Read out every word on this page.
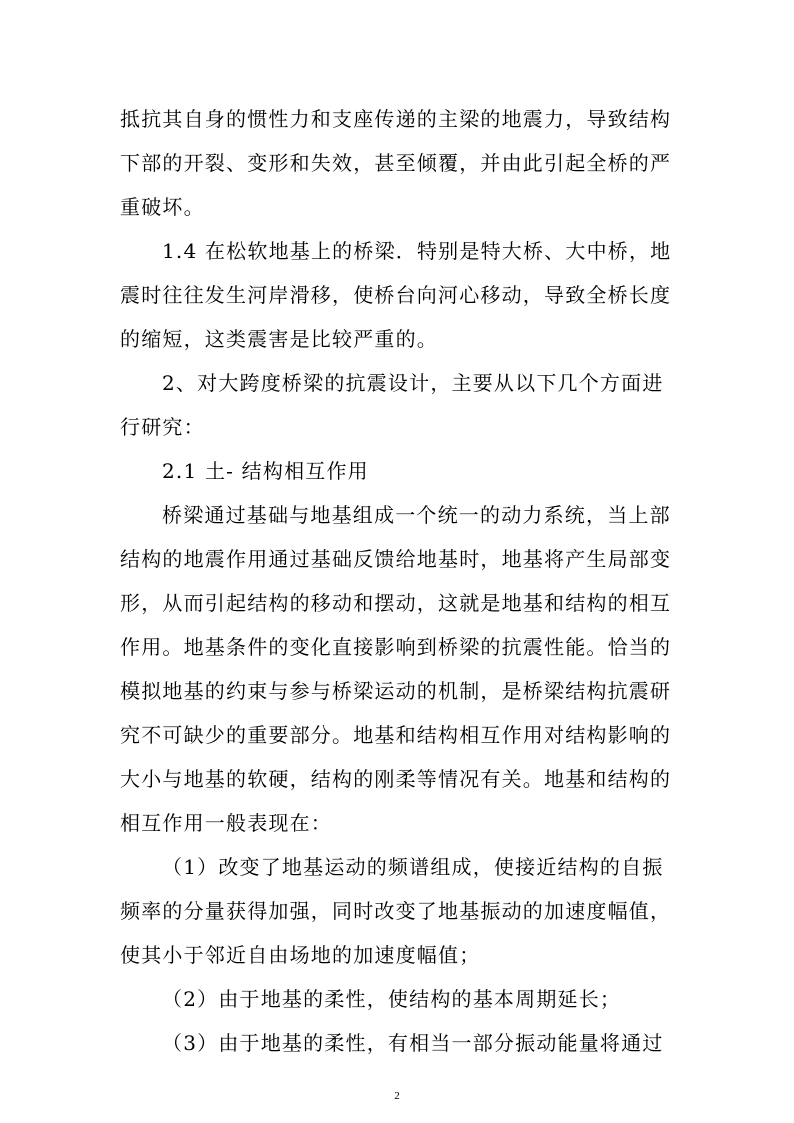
抵抗其自身的惯性力和支座传递的主梁的地震力，导致结构
下部的开裂、变形和失效，甚至倾覆，并由此引起全桥的严
重破坏。
1.4 在松软地基上的桥梁．特别是特大桥、大中桥，地
震时往往发生河岸滑移，使桥台向河心移动，导致全桥长度
的缩短，这类震害是比较严重的。
2、对大跨度桥梁的抗震设计，主要从以下几个方面进
行研究：
2.1 土- 结构相互作用
桥梁通过基础与地基组成一个统一的动力系统，当上部
结构的地震作用通过基础反馈给地基时，地基将产生局部变
形，从而引起结构的移动和摆动，这就是地基和结构的相互
作用。地基条件的变化直接影响到桥梁的抗震性能。恰当的
模拟地基的约束与参与桥梁运动的机制，是桥梁结构抗震研
究不可缺少的重要部分。地基和结构相互作用对结构影响的
大小与地基的软硬，结构的刚柔等情况有关。地基和结构的
相互作用一般表现在：
（1）改变了地基运动的频谱组成，使接近结构的自振
频率的分量获得加强，同时改变了地基振动的加速度幅值，
使其小于邻近自由场地的加速度幅值；
（2）由于地基的柔性，使结构的基本周期延长；
（3）由于地基的柔性，有相当一部分振动能量将通过
2
